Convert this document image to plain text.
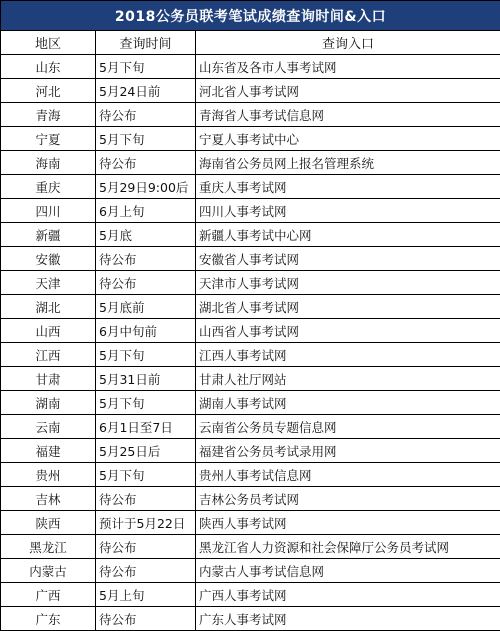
2018公务员联考笔试成绩查询时间&入口		
地区	查询时间	查询入口
山东	5月下旬	山东省及各市人事考试网
河北	5月24日前	河北省人事考试网
青海	待公布	青海省人事考试信息网
宁夏	5月下旬	宁夏人事考试中心
海南	待公布	海南省公务员网上报名管理系统
重庆	5月29日9:00后	重庆人事考试网
四川	6月上旬	四川人事考试网
新疆	5月底	新疆人事考试中心网
安徽	待公布	安徽省人事考试网
天津	待公布	天津市人事考试网
湖北	5月底前	湖北省人事考试网
山西	6月中旬前	山西省人事考试网
江西	5月下旬	江西人事考试网
甘肃	5月31日前	甘肃人社厅网站
湖南	5月下旬	湖南人事考试网
云南	6月1日至7日	云南省公务员专题信息网
福建	5月25日后	福建省公务员考试录用网
贵州	5月下旬	贵州人事考试信息网
吉林	待公布	吉林公务员考试网
陕西	预计于5月22日	陕西人事考试网
黑龙江	待公布	黑龙江省人力资源和社会保障厅公务员考试网
内蒙古	待公布	内蒙古人事考试信息网
广西	5月上旬	广西人事考试网
广东	待公布	广东人事考试网
